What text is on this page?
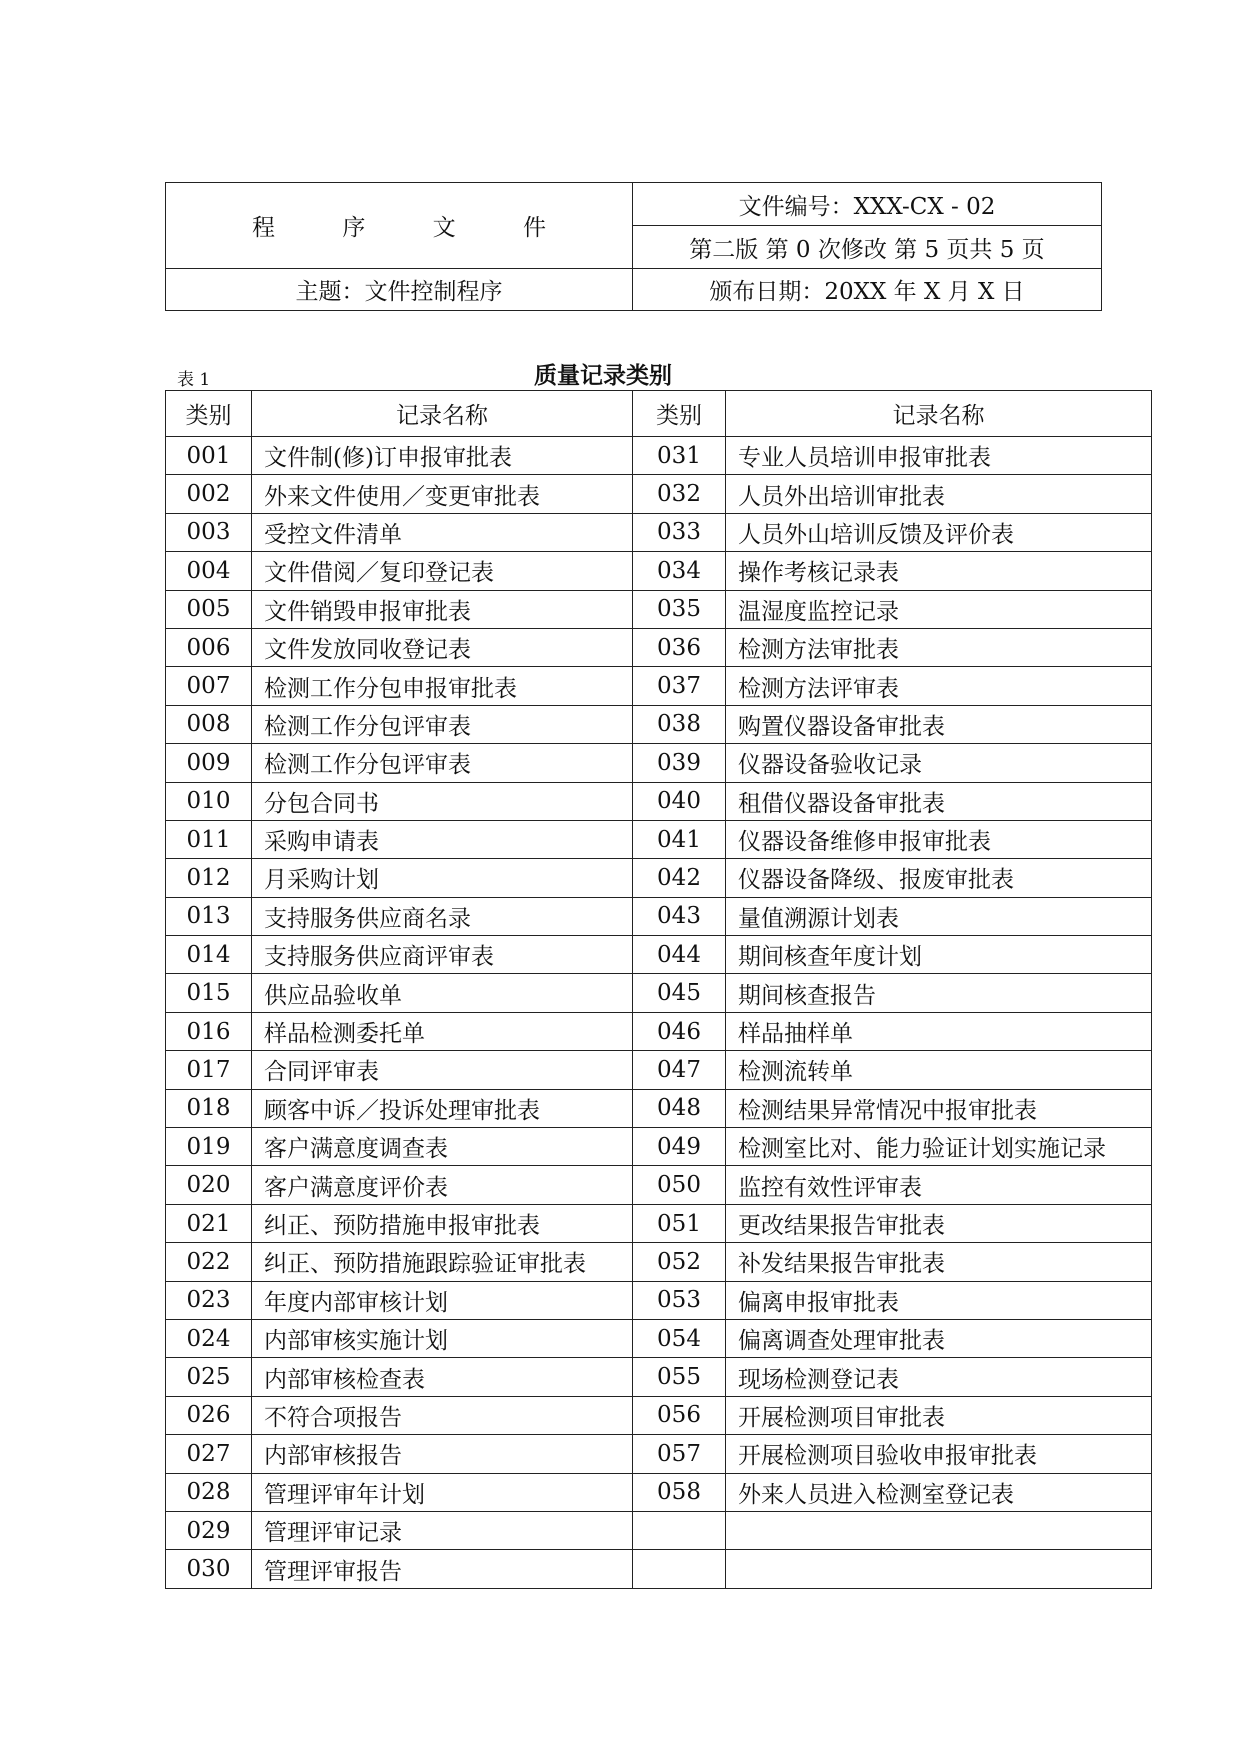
程 序 文 件	文件编号：XXX-CX - 02
	第二版 第 0 次修改 第 5 页共 5 页
主题：文件控制程序	颁布日期：20XX 年 X 月 X 日
表 1	质量记录类别
类别	记录名称	类别	记录名称
001	文件制(修)订申报审批表	031	专业人员培训申报审批表
002	外来文件使用／变更审批表	032	人员外出培训审批表
003	受控文件清单	033	人员外山培训反馈及评价表
004	文件借阅／复印登记表	034	操作考核记录表
005	文件销毁申报审批表	035	温湿度监控记录
006	文件发放同收登记表	036	检测方法审批表
007	检测工作分包申报审批表	037	检测方法评审表
008	检测工作分包评审表	038	购置仪器设备审批表
009	检测工作分包评审表	039	仪器设备验收记录
010	分包合同书	040	租借仪器设备审批表
011	采购申请表	041	仪器设备维修申报审批表
012	月采购计划	042	仪器设备降级、报废审批表
013	支持服务供应商名录	043	量值溯源计划表
014	支持服务供应商评审表	044	期间核查年度计划
015	供应品验收单	045	期间核查报告
016	样品检测委托单	046	样品抽样单
017	合同评审表	047	检测流转单
018	顾客中诉／投诉处理审批表	048	检测结果异常情况中报审批表
019	客户满意度调查表	049	检测室比对、能力验证计划实施记录
020	客户满意度评价表	050	监控有效性评审表
021	纠正、预防措施申报审批表	051	更改结果报告审批表
022	纠正、预防措施跟踪验证审批表	052	补发结果报告审批表
023	年度内部审核计划	053	偏离申报审批表
024	内部审核实施计划	054	偏离调查处理审批表
025	内部审核检查表	055	现场检测登记表
026	不符合项报告	056	开展检测项目审批表
027	内部审核报告	057	开展检测项目验收申报审批表
028	管理评审年计划	058	外来人员进入检测室登记表
029	管理评审记录		
030	管理评审报告		
